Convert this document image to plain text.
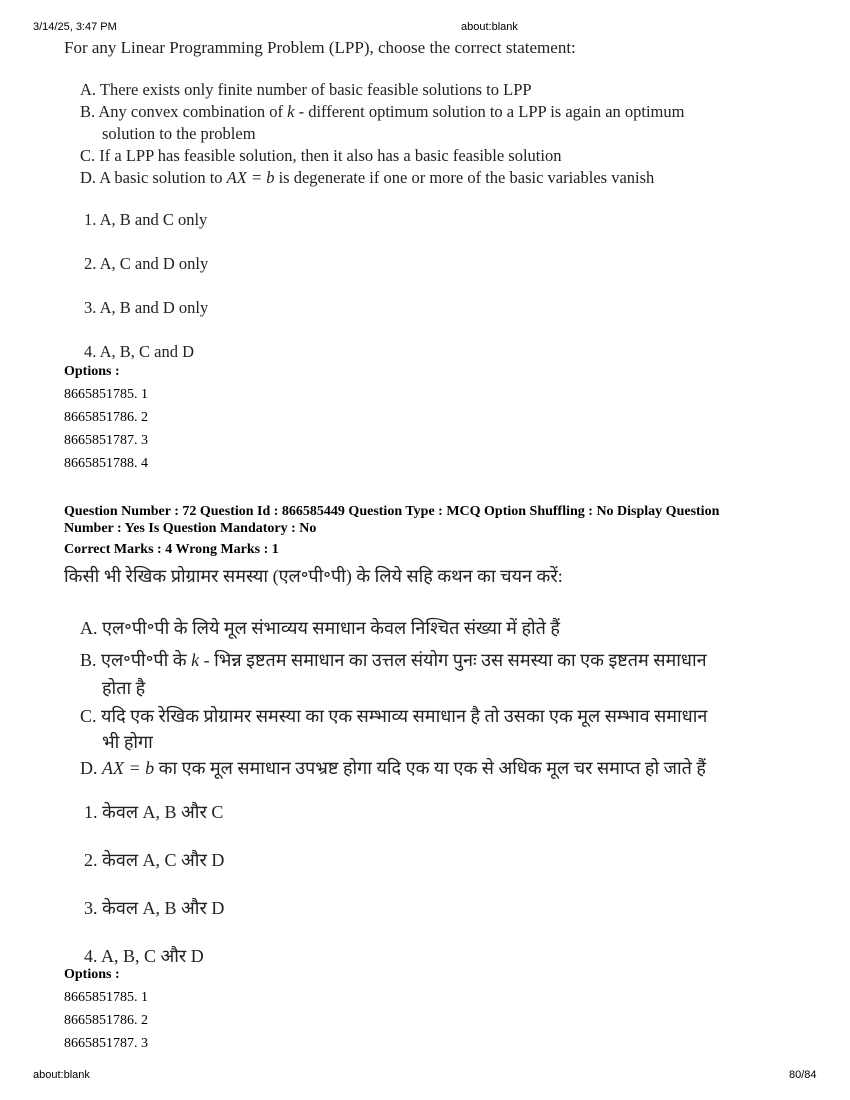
3/14/25, 3:47 PM	about:blank
For any Linear Programming Problem (LPP), choose the correct statement:
A. There exists only finite number of basic feasible solutions to LPP
B. Any convex combination of k - different optimum solution to a LPP is again an optimum
solution to the problem
C. If a LPP has feasible solution, then it also has a basic feasible solution
D. A basic solution to AX = b is degenerate if one or more of the basic variables vanish
1. A, B and C only
2. A, C and D only
3. A, B and D only
4. A, B, C and D
Options :
8665851785. 1
8665851786. 2
8665851787. 3
8665851788. 4
Question Number : 72 Question Id : 866585449 Question Type : MCQ Option Shuffling : No Display Question
Number : Yes Is Question Mandatory : No
Correct Marks : 4 Wrong Marks : 1
किसी भी रेखिक प्रोग्रामर समस्या (एल॰पी॰पी) के लिये सहि कथन का चयन करें:
A. एल॰पी॰पी के लिये मूल संभाव्यय समाधान केवल निश्चित संख्या में होते हैं
B. एल॰पी॰पी के k - भिन्न इष्टतम समाधान का उत्तल संयोग पुनः उस समस्या का एक इष्टतम समाधान
होता है
C. यदि एक रेखिक प्रोग्रामर समस्या का एक सम्भाव्य समाधान है तो उसका एक मूल सम्भाव समाधान
भी होगा
D. AX = b का एक मूल समाधान उपभ्रष्ट होगा यदि एक या एक से अधिक मूल चर समाप्त हो जाते हैं
1. केवल A, B और C
2. केवल A, C और D
3. केवल A, B और D
4. A, B, C और D
Options :
8665851785. 1
8665851786. 2
8665851787. 3
about:blank	80/84
